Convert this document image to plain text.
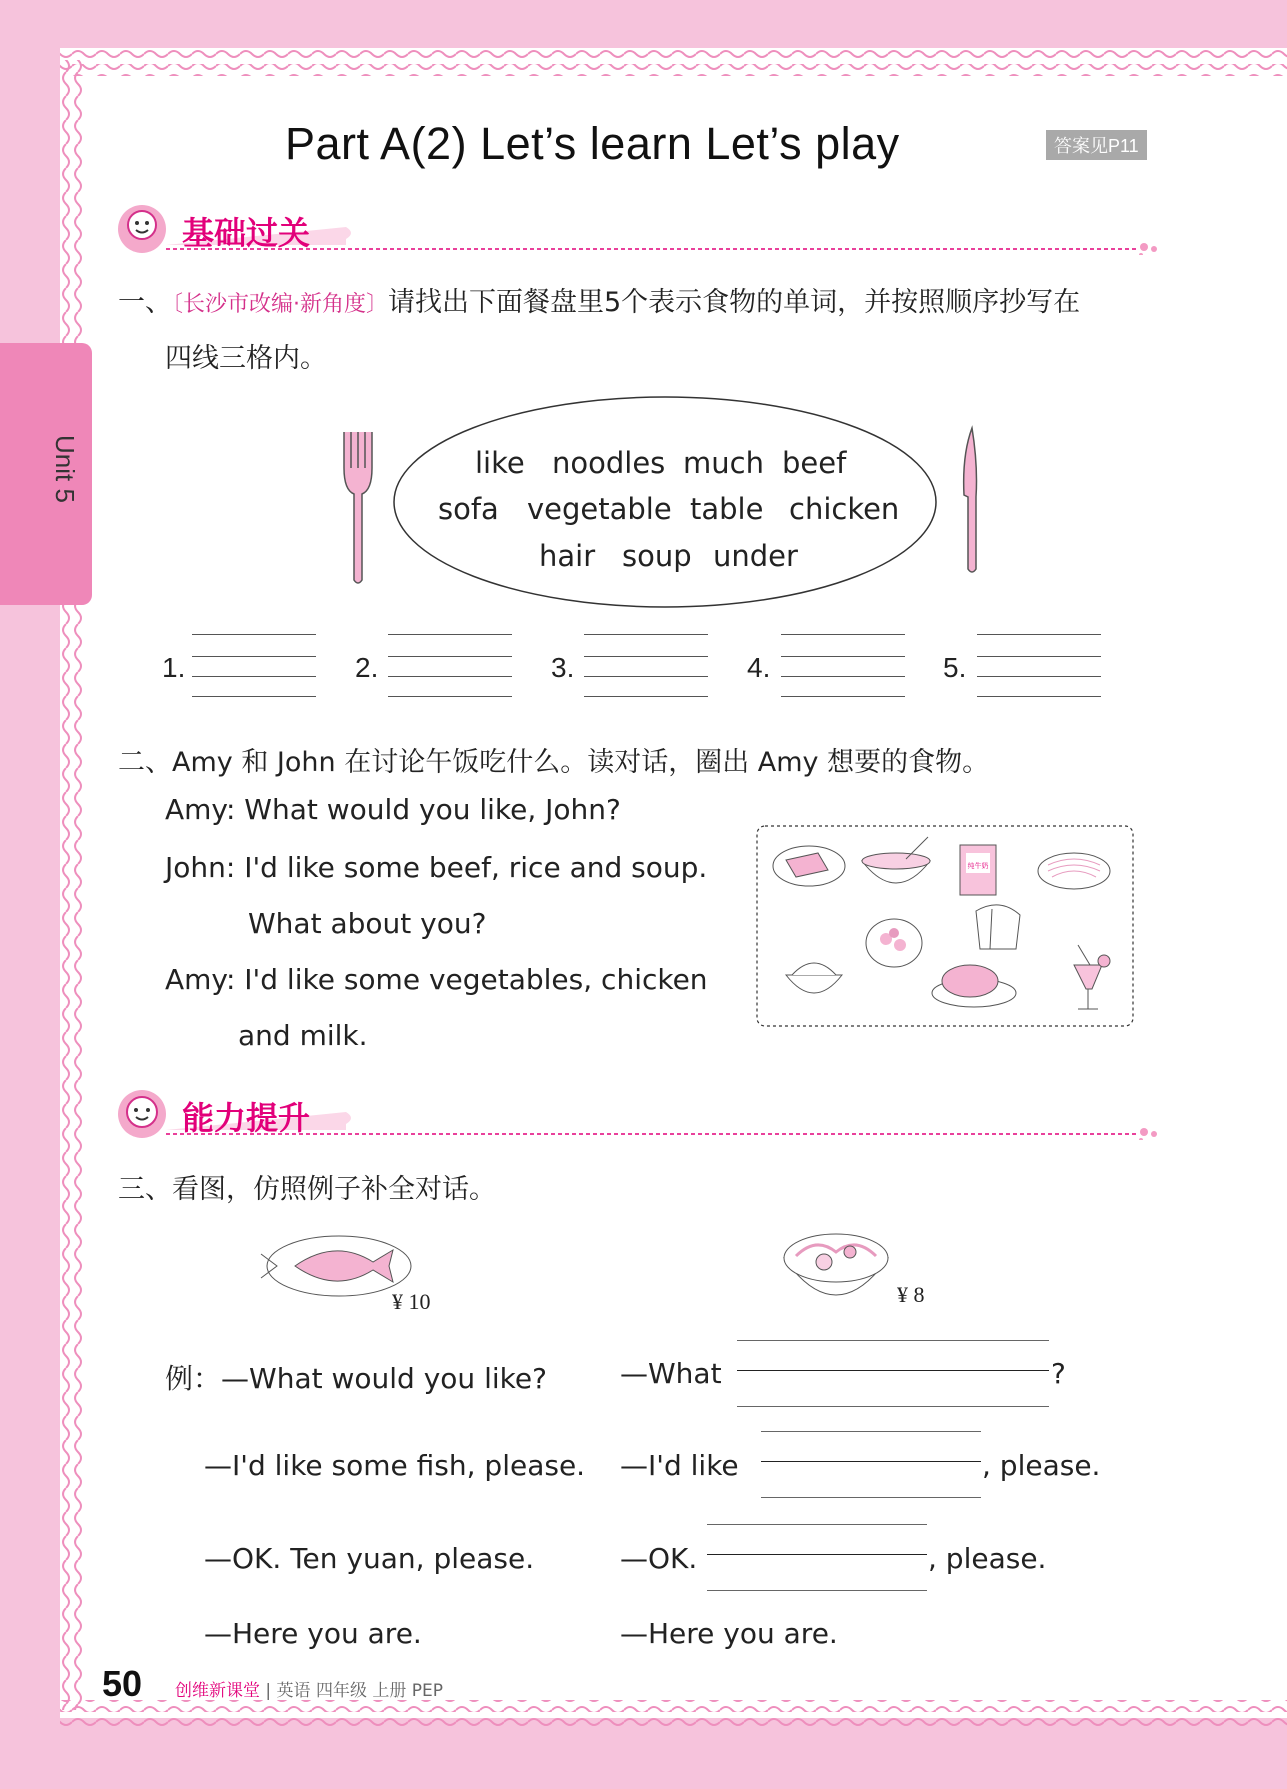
Unit 5
Part A(2) Let’s learn Let’s play	答案见P11
基础过关
一、〔长沙市改编·新角度〕请找出下面餐盘里5个表示食物的单词，并按照顺序抄写在
四线三格内。
like noodles much beef
sofa vegetable table chicken
hair soup under
1.	2.	3.	4.	5.
二、Amy 和 John 在讨论午饭吃什么。读对话，圈出 Amy 想要的食物。
Amy: What would you like, John?
John: I'd like some beef, rice and soup.
What about you?
Amy: I'd like some vegetables, chicken
and milk.
纯牛奶
能力提升
三、看图，仿照例子补全对话。
¥ 10	¥ 8
例：—What would you like?
—I'd like some fish, please.
—OK. Ten yuan, please.
—Here you are.
—What	?
—I'd like	, please.
—OK.	, please.
—Here you are.
50 创维新课堂 | 英语 四年级 上册 PEP
